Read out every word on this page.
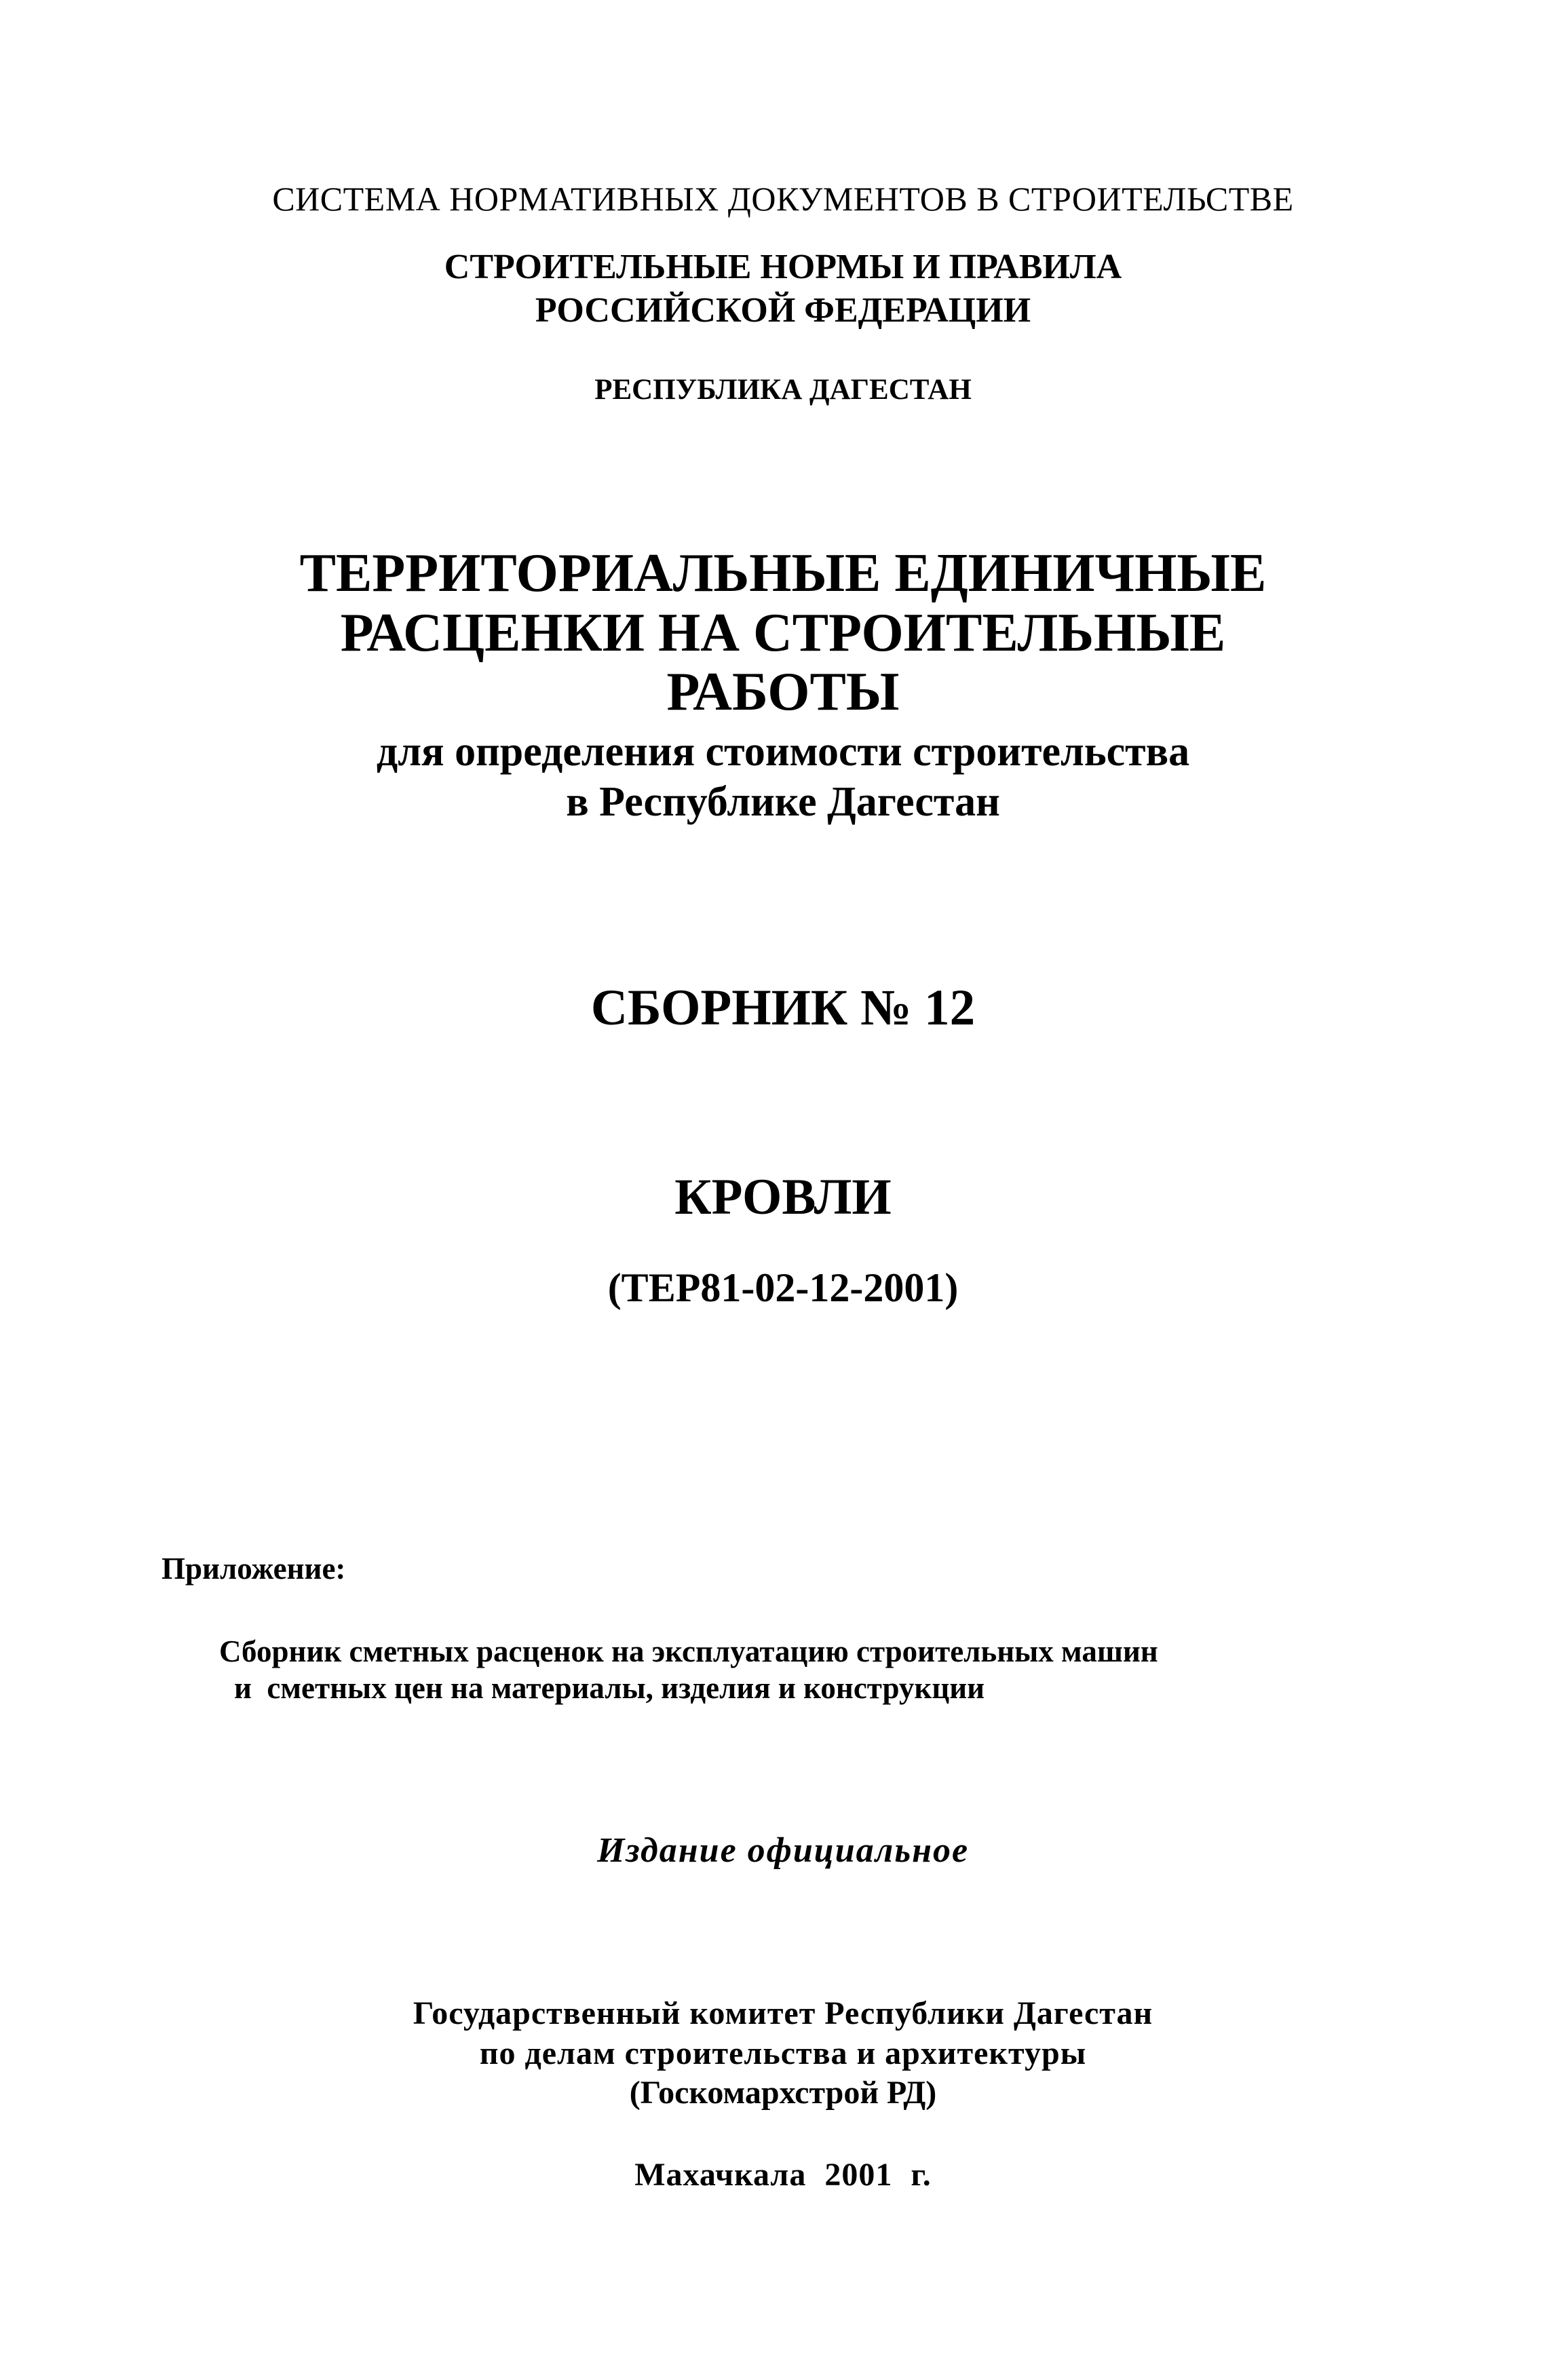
СИСТЕМА НОРМАТИВНЫХ ДОКУМЕНТОВ В СТРОИТЕЛЬСТВЕ
СТРОИТЕЛЬНЫЕ НОРМЫ И ПРАВИЛА
РОССИЙСКОЙ ФЕДЕРАЦИИ
РЕСПУБЛИКА ДАГЕСТАН
ТЕРРИТОРИАЛЬНЫЕ ЕДИНИЧНЫЕ
РАСЦЕНКИ НА СТРОИТЕЛЬНЫЕ
РАБОТЫ
для определения стоимости строительства
в Республике Дагестан
СБОРНИК № 12
КРОВЛИ
(ТЕР81-02-12-2001)
Приложение:
Сборник сметных расценок на эксплуатацию строительных машин
и  сметных цен на материалы, изделия и конструкции
Издание официальное
Государственный комитет Республики Дагестан
по делам строительства и архитектуры
(Госкомархстрой РД)
Махачкала 2001 г.
